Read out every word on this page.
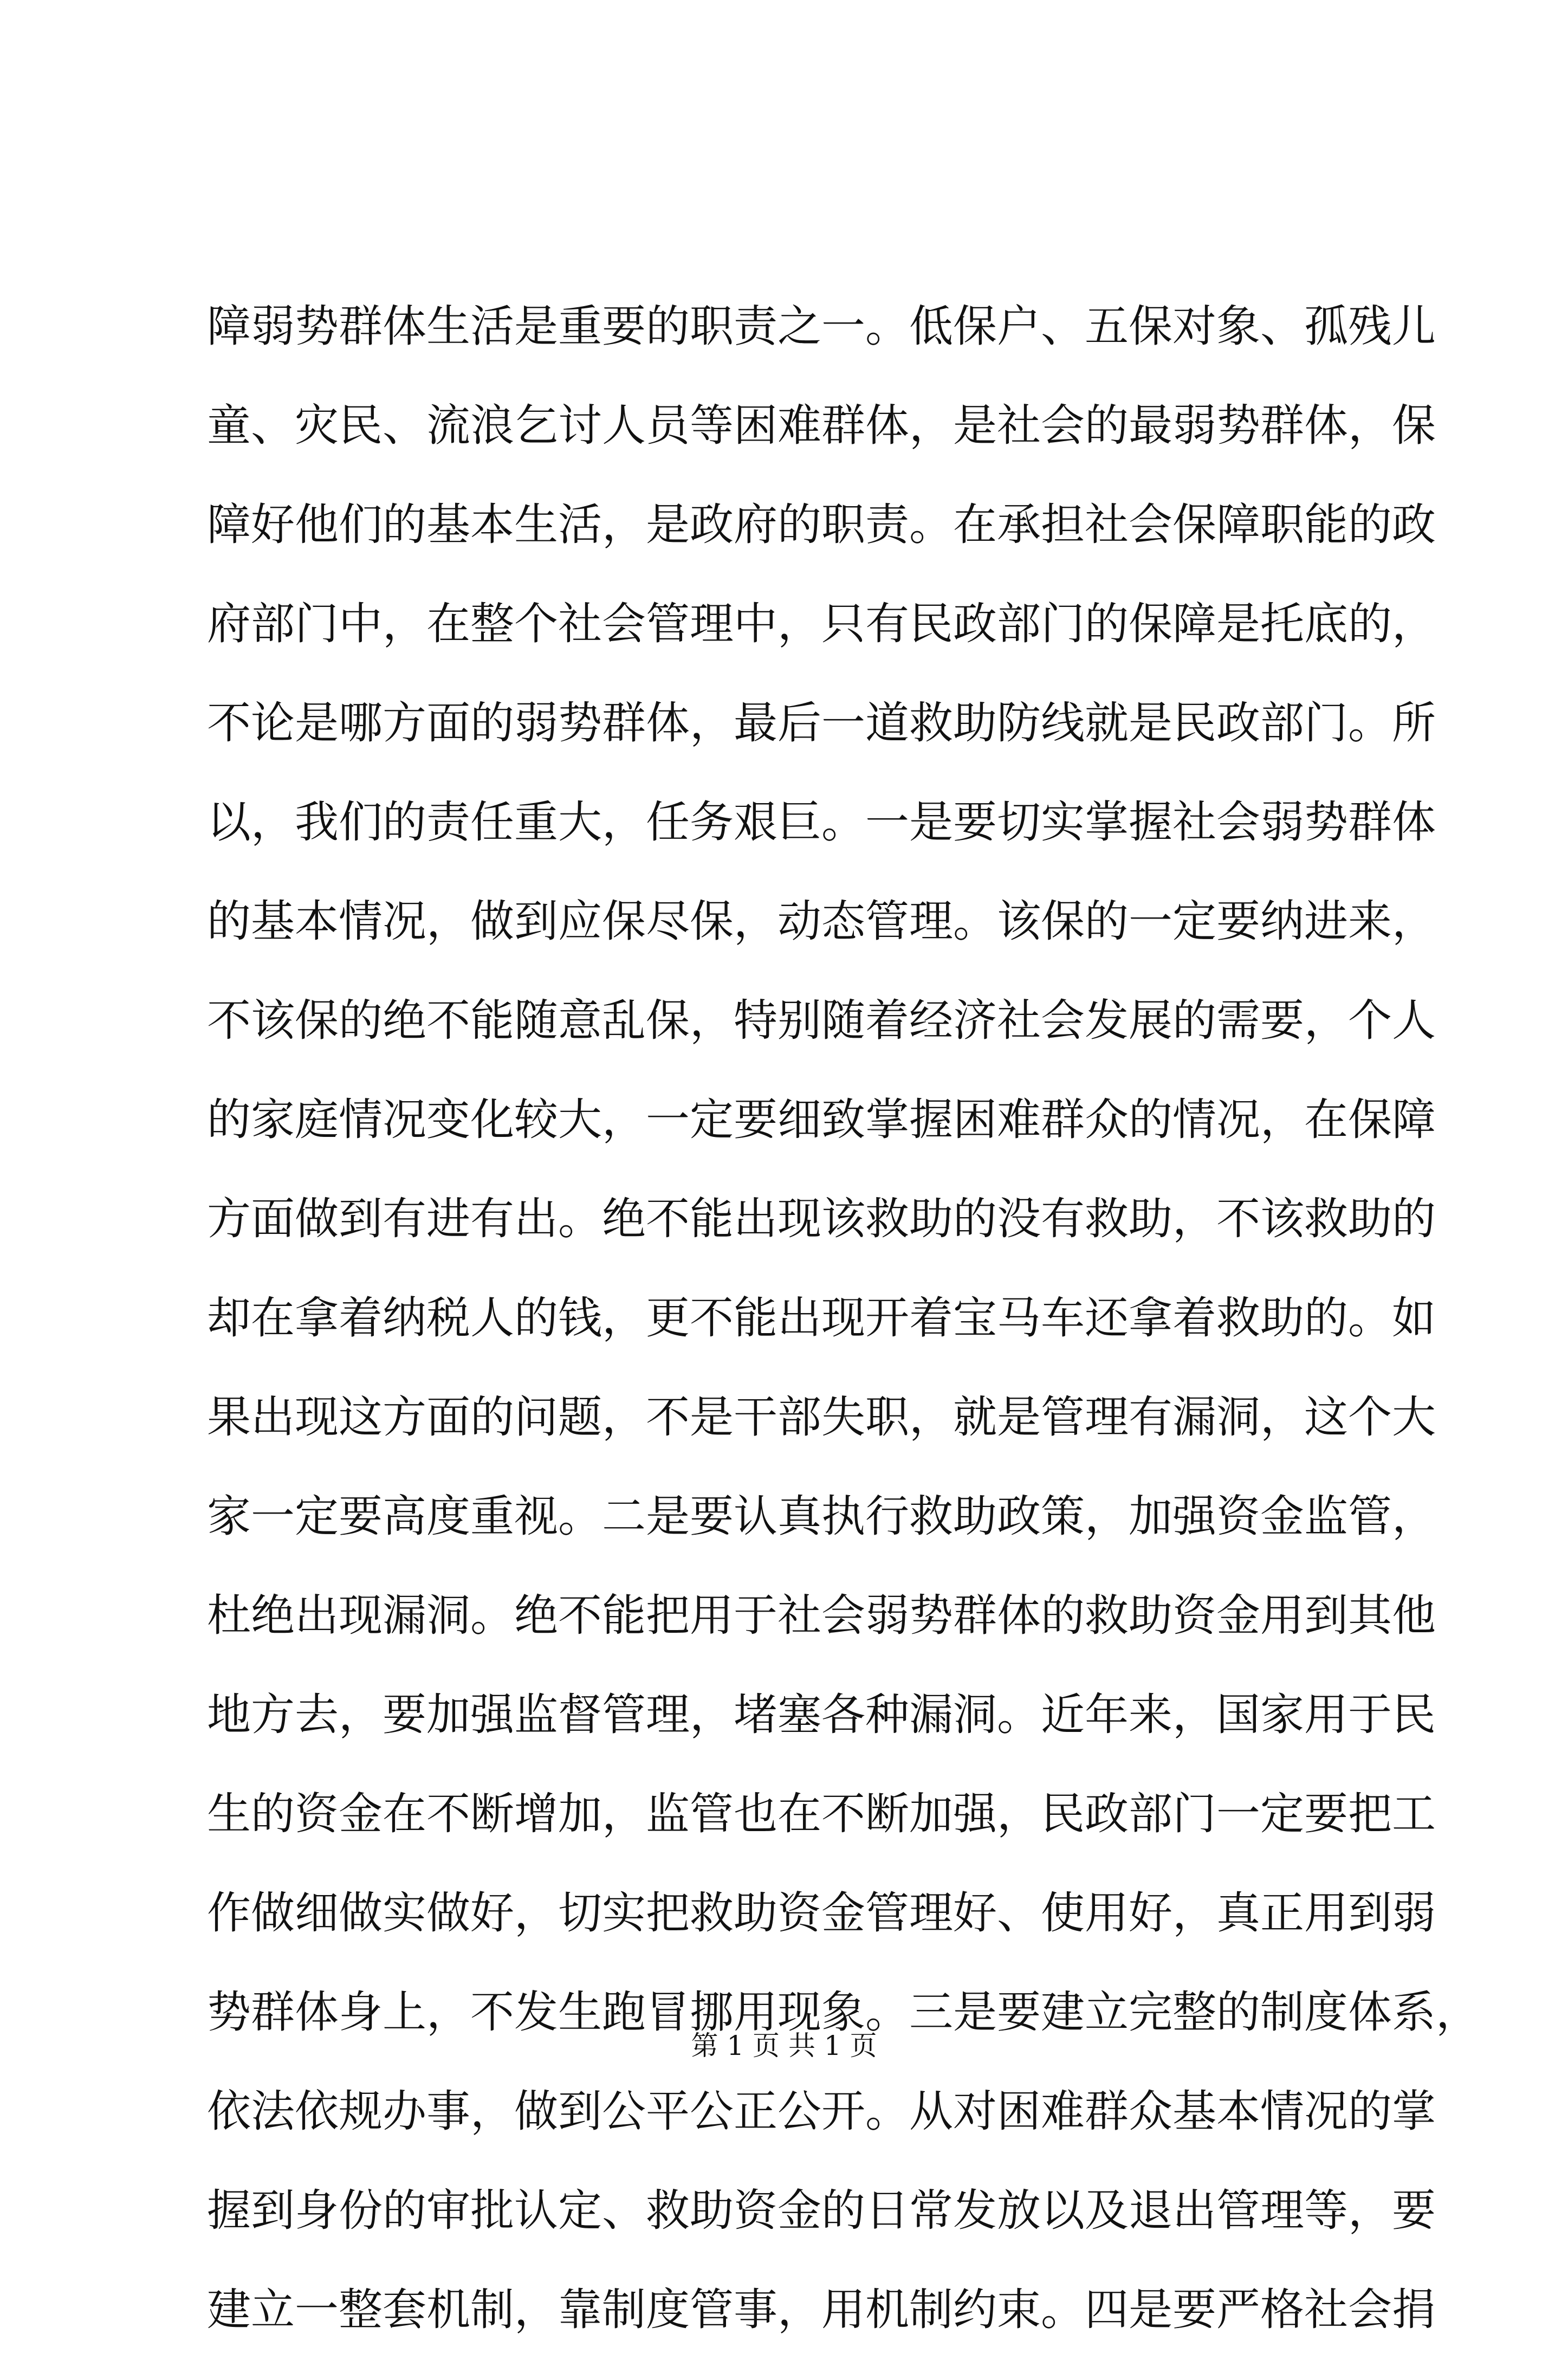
障弱势群体生活是重要的职责之一。低保户、五保对象、孤残儿
童、灾民、流浪乞讨人员等困难群体，是社会的最弱势群体，保
障好他们的基本生活，是政府的职责。在承担社会保障职能的政
府部门中，在整个社会管理中，只有民政部门的保障是托底的，
不论是哪方面的弱势群体，最后一道救助防线就是民政部门。所
以，我们的责任重大，任务艰巨。一是要切实掌握社会弱势群体
的基本情况，做到应保尽保，动态管理。该保的一定要纳进来，
不该保的绝不能随意乱保，特别随着经济社会发展的需要，个人
的家庭情况变化较大，一定要细致掌握困难群众的情况，在保障
方面做到有进有出。绝不能出现该救助的没有救助，不该救助的
却在拿着纳税人的钱，更不能出现开着宝马车还拿着救助的。如
果出现这方面的问题，不是干部失职，就是管理有漏洞，这个大
家一定要高度重视。二是要认真执行救助政策，加强资金监管，
杜绝出现漏洞。绝不能把用于社会弱势群体的救助资金用到其他
地方去，要加强监督管理，堵塞各种漏洞。近年来，国家用于民
生的资金在不断增加，监管也在不断加强，民政部门一定要把工
作做细做实做好，切实把救助资金管理好、使用好，真正用到弱
势群体身上，不发生跑冒挪用现象。三是要建立完整的制度体系，
依法依规办事，做到公平公正公开。从对困难群众基本情况的掌
握到身份的审批认定、救助资金的日常发放以及退出管理等，要
建立一整套机制，靠制度管事，用机制约束。四是要严格社会捐
第 1 页 共 1 页
